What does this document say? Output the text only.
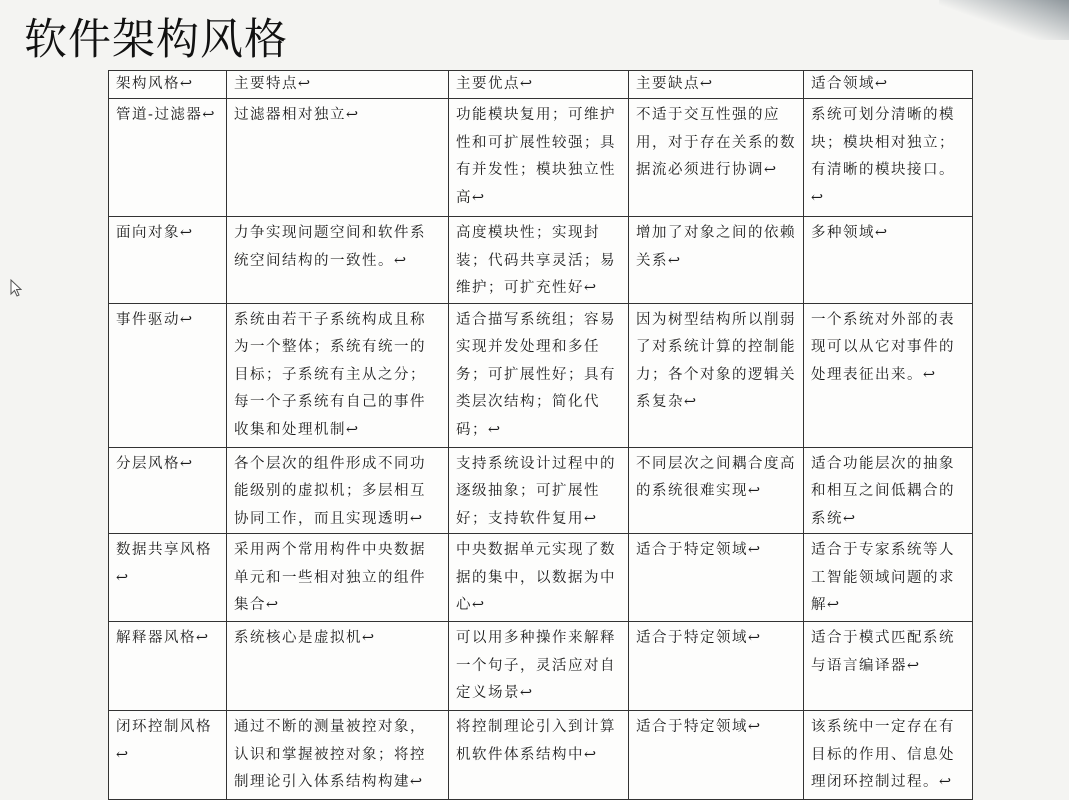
软件架构风格
架构风格↩	主要特点↩	主要优点↩	主要缺点↩	适合领域↩
管道-过滤器↩	过滤器相对独立↩	功能模块复用；可维护性和可扩展性较强；具有并发性；模块独立性高↩	不适于交互性强的应用，对于存在关系的数据流必须进行协调↩	系统可划分清晰的模块；模块相对独立；有清晰的模块接口。↩
面向对象↩	力争实现问题空间和软件系统空间结构的一致性。↩	高度模块性；实现封装；代码共享灵活；易维护；可扩充性好↩	增加了对象之间的依赖关系↩	多种领域↩
事件驱动↩	系统由若干子系统构成且称为一个整体；系统有统一的目标；子系统有主从之分；每一个子系统有自己的事件收集和处理机制↩	适合描写系统组；容易实现并发处理和多任务；可扩展性好；具有类层次结构；简化代码；↩	因为树型结构所以削弱了对系统计算的控制能力；各个对象的逻辑关系复杂↩	一个系统对外部的表现可以从它对事件的处理表征出来。↩
分层风格↩	各个层次的组件形成不同功能级别的虚拟机；多层相互协同工作，而且实现透明↩	支持系统设计过程中的逐级抽象；可扩展性好；支持软件复用↩	不同层次之间耦合度高的系统很难实现↩	适合功能层次的抽象和相互之间低耦合的系统↩
数据共享风格↩	采用两个常用构件中央数据单元和一些相对独立的组件集合↩	中央数据单元实现了数据的集中，以数据为中心↩	适合于特定领域↩	适合于专家系统等人工智能领域问题的求解↩
解释器风格↩	系统核心是虚拟机↩	可以用多种操作来解释一个句子，灵活应对自定义场景↩	适合于特定领域↩	适合于模式匹配系统与语言编译器↩
闭环控制风格↩	通过不断的测量被控对象，认识和掌握被控对象；将控制理论引入体系结构构建↩	将控制理论引入到计算机软件体系结构中↩	适合于特定领域↩	该系统中一定存在有目标的作用、信息处理闭环控制过程。↩
